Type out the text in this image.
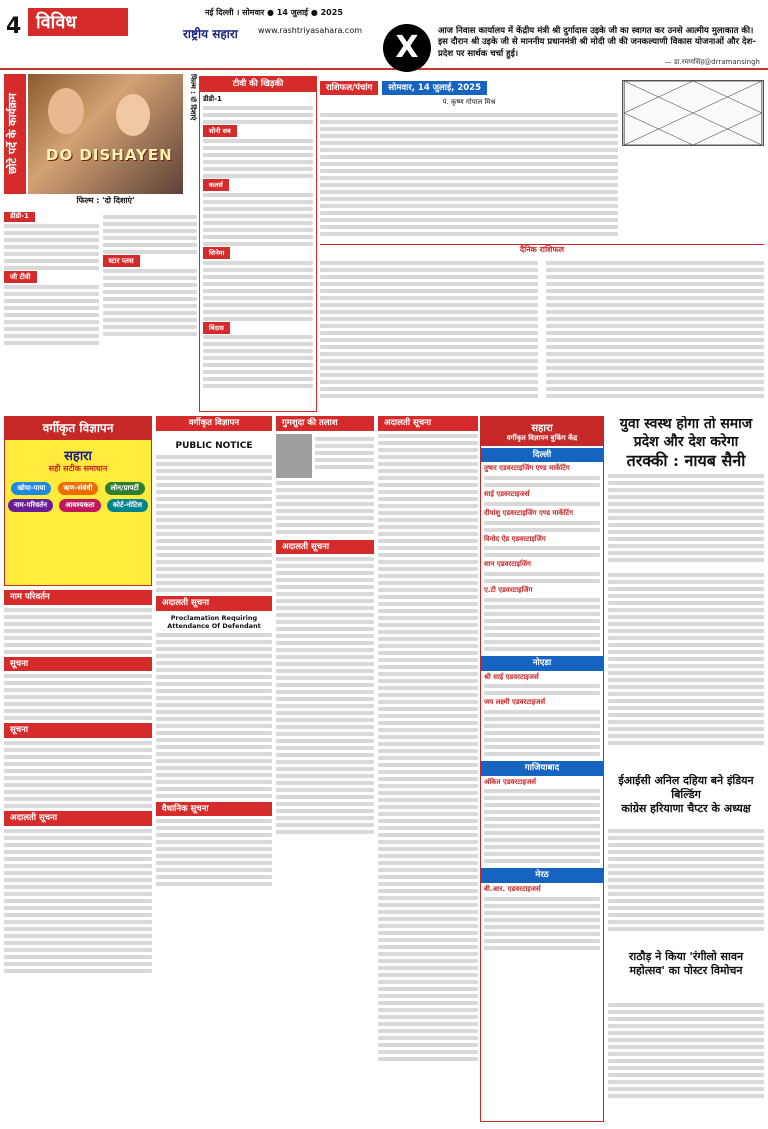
4 विविध	नई दिल्ली । सोमवार ● 14 जुलाई ● 2025
राष्ट्रीय सहारा	www.rashtriyasahara.com	X	आज निवास कार्यालय में केंद्रीय मंत्री श्री दुर्गादास उइके जी का स्वागत कर उनसे आत्मीय मुलाकात की। इस दौरान श्री उइके जी से माननीय प्रधानमंत्री श्री मोदी जी की जनकल्याणी विकास योजनाओं और देश-प्रदेश पर सार्थक चर्चा हुई।
— डा.रमणसिंह@drramansingh
छोटे पर्दे के कार्यक्रम	DO DISHAYEN
फिल्म : 'दो दिशाएं'
फिल्म : दो दिशाएं
डीडी-1
जी टीवी
स्टार प्लस
टीवी की खिड़की
डीडी-1
सोनी सब
कलर्स
सिनेमा
बिंदास
राशिफल/पंचांग	सोमवार, 14 जुलाई, 2025
पं. कृष्ण गोपाल मिश्र
दैनिक राशिफल
वर्गीकृत विज्ञापन
सहारा
सही सटीक समाधान
खोया-पाया	ऋण-संबंधी	लोन/प्रापर्टी नाम-परिवर्तन	आवश्यकता	कोर्ट-नोटिस
नाम परिवर्तन
सूचना
सूचना
अदालती सूचना
वर्गीकृत विज्ञापन
PUBLIC NOTICE
अदालती सूचना
Proclamation Requiring Attendance Of Defendant
वैधानिक सूचना
गुमशुदा की तलाश
अदालती सूचना
अदालती सूचना	सहारा
वर्गीकृत विज्ञापन बुकिंग केंद्र
दिल्ली
तुषार एडवरटाइजिंग एण्ड मार्केटिंग
साई एडवरटाइजर्स
दीपांशु एडवरटाइजिंग एण्ड मार्केटिंग
विनोद ऐड एडवरटाइजिंग
शान एडवरटाइजिंग
ए.टी एडवरटाइजिंग
नोएडा
श्री साई एडवरटाइजर्स
जय लक्ष्मी एडवरटाइजर्स
गाजियाबाद
अंकित एडवरटाइजर्स
मेरठ
बी.आर. एडवरटाइजर्स
युवा स्वस्थ होगा तो समाज
प्रदेश और देश करेगा
तरक्की : नायब सैनी
ईआईसी अनिल दहिया बने इंडियन बिल्डिंग
कांग्रेस हरियाणा चैप्टर के अध्यक्ष
राठौड़ ने किया 'रंगीलो सावन
महोत्सव' का पोस्टर विमोचन
